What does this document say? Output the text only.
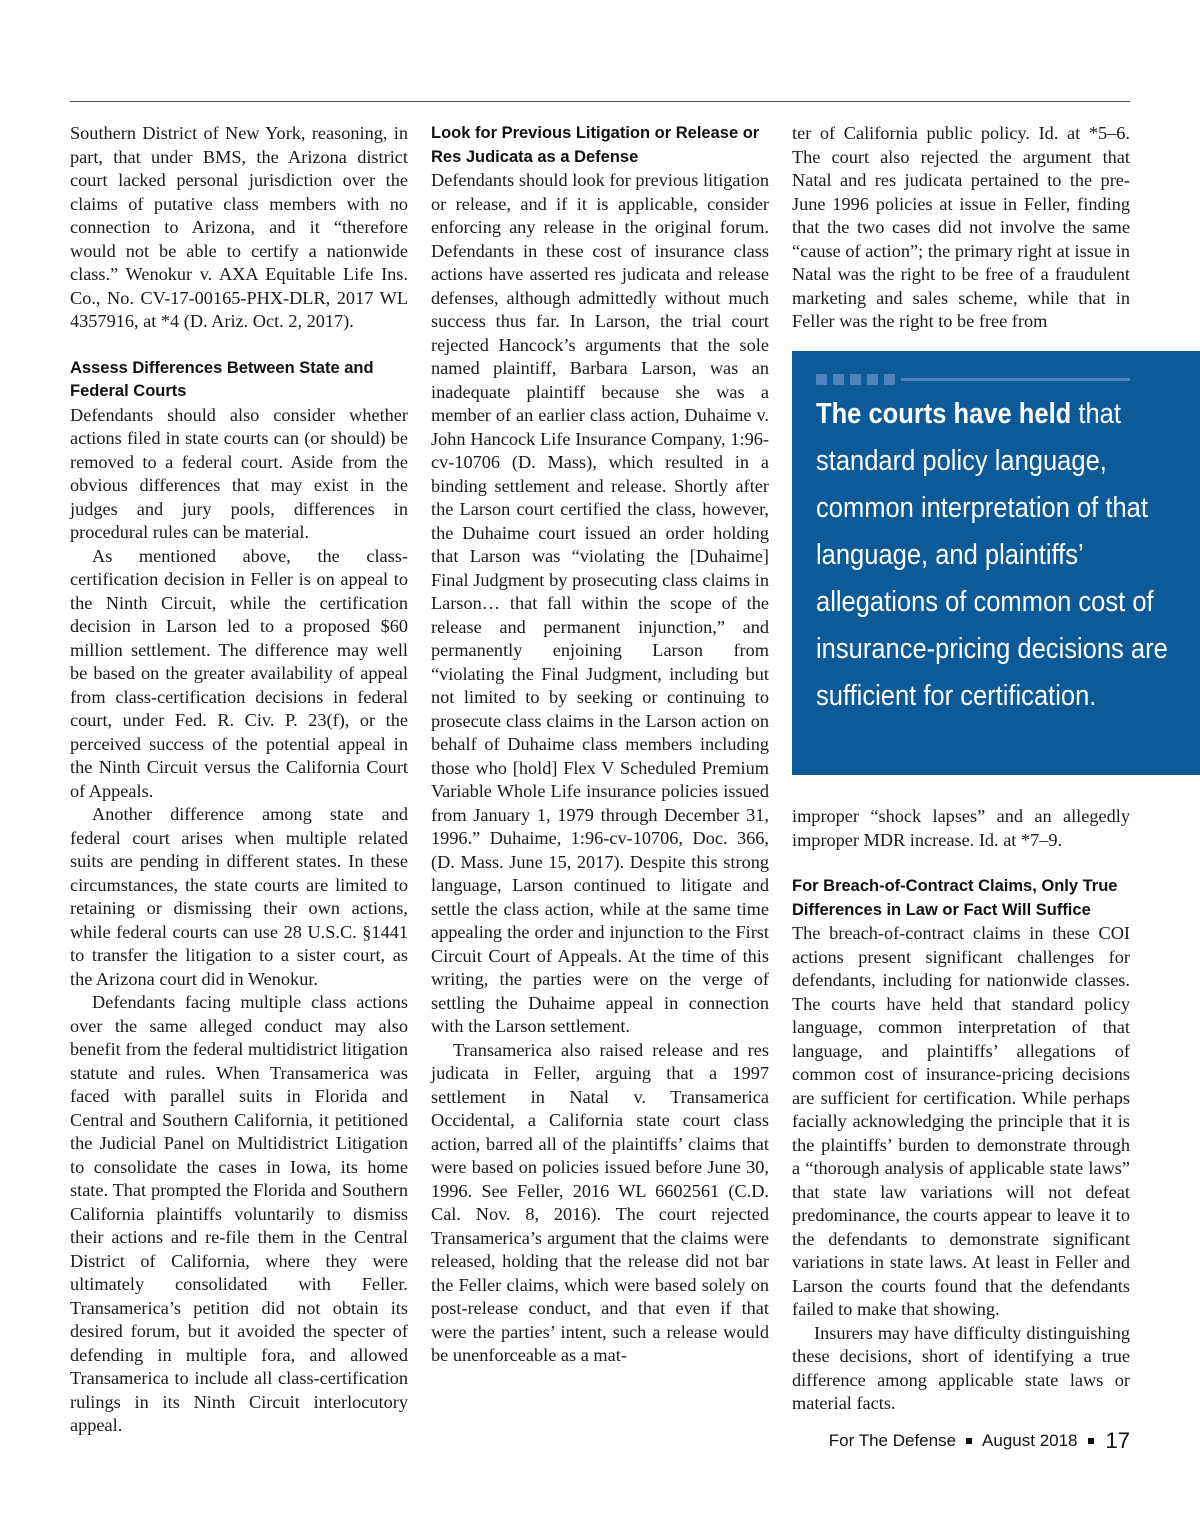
Southern District of New York, reasoning, in part, that under BMS, the Arizona district court lacked personal jurisdiction over the claims of putative class members with no connection to Arizona, and it “therefore would not be able to certify a nationwide class.” Wenokur v. AXA Equitable Life Ins. Co., No. CV-17-00165-PHX-DLR, 2017 WL 4357916, at *4 (D. Ariz. Oct. 2, 2017).

Assess Differences Between State and Federal Courts

Defendants should also consider whether actions filed in state courts can (or should) be removed to a federal court. Aside from the obvious differences that may exist in the judges and jury pools, differences in procedural rules can be material.

As mentioned above, the class-certification decision in Feller is on appeal to the Ninth Circuit, while the certification decision in Larson led to a proposed $60 million settlement. The difference may well be based on the greater availability of appeal from class-certification decisions in federal court, under Fed. R. Civ. P. 23(f), or the perceived success of the potential appeal in the Ninth Circuit versus the California Court of Appeals.

Another difference among state and federal court arises when multiple related suits are pending in different states. In these circumstances, the state courts are limited to retaining or dismissing their own actions, while federal courts can use 28 U.S.C. §1441 to transfer the litigation to a sister court, as the Arizona court did in Wenokur.

Defendants facing multiple class actions over the same alleged conduct may also benefit from the federal multidistrict litigation statute and rules. When Transamerica was faced with parallel suits in Florida and Central and Southern California, it petitioned the Judicial Panel on Multidistrict Litigation to consolidate the cases in Iowa, its home state. That prompted the Florida and Southern California plaintiffs voluntarily to dismiss their actions and re-file them in the Central District of California, where they were ultimately consolidated with Feller. Transamerica’s petition did not obtain its desired forum, but it avoided the specter of defending in multiple fora, and allowed Transamerica to include all class-certification rulings in its Ninth Circuit interlocutory appeal.

Look for Previous Litigation or Release or Res Judicata as a Defense

Defendants should look for previous litigation or release, and if it is applicable, consider enforcing any release in the original forum. Defendants in these cost of insurance class actions have asserted res judicata and release defenses, although admittedly without much success thus far. In Larson, the trial court rejected Hancock’s arguments that the sole named plaintiff, Barbara Larson, was an inadequate plaintiff because she was a member of an earlier class action, Duhaime v. John Hancock Life Insurance Company, 1:96-cv-10706 (D. Mass), which resulted in a binding settlement and release. Shortly after the Larson court certified the class, however, the Duhaime court issued an order holding that Larson was “violating the [Duhaime] Final Judgment by prosecuting class claims in Larson… that fall within the scope of the release and permanent injunction,” and permanently enjoining Larson from “violating the Final Judgment, including but not limited to by seeking or continuing to prosecute class claims in the Larson action on behalf of Duhaime class members including those who [hold] Flex V Scheduled Premium Variable Whole Life insurance policies issued from January 1, 1979 through December 31, 1996.” Duhaime, 1:96-cv-10706, Doc. 366, (D. Mass. June 15, 2017). Despite this strong language, Larson continued to litigate and settle the class action, while at the same time appealing the order and injunction to the First Circuit Court of Appeals. At the time of this writing, the parties were on the verge of settling the Duhaime appeal in connection with the Larson settlement.

Transamerica also raised release and res judicata in Feller, arguing that a 1997 settlement in Natal v. Transamerica Occidental, a California state court class action, barred all of the plaintiffs’ claims that were based on policies issued before June 30, 1996. See Feller, 2016 WL 6602561 (C.D. Cal. Nov. 8, 2016). The court rejected Transamerica’s argument that the claims were released, holding that the release did not bar the Feller claims, which were based solely on post-release conduct, and that even if that were the parties’ intent, such a release would be unenforceable as a mat-

ter of California public policy. Id. at *5–6. The court also rejected the argument that Natal and res judicata pertained to the pre-June 1996 policies at issue in Feller, finding that the two cases did not involve the same “cause of action”; the primary right at issue in Natal was the right to be free of a fraudulent marketing and sales scheme, while that in Feller was the right to be free from

The courts have held that standard policy language, common interpretation of that language, and plaintiffs’ allegations of common cost of insurance-pricing decisions are sufficient for certification.

improper “shock lapses” and an allegedly improper MDR increase. Id. at *7–9.

For Breach-of-Contract Claims, Only True Differences in Law or Fact Will Suffice

The breach-of-contract claims in these COI actions present significant challenges for defendants, including for nationwide classes. The courts have held that standard policy language, common interpretation of that language, and plaintiffs’ allegations of common cost of insurance-pricing decisions are sufficient for certification. While perhaps facially acknowledging the principle that it is the plaintiffs’ burden to demonstrate through a “thorough analysis of applicable state laws” that state law variations will not defeat predominance, the courts appear to leave it to the defendants to demonstrate significant variations in state laws. At least in Feller and Larson the courts found that the defendants failed to make that showing.

Insurers may have difficulty distinguishing these decisions, short of identifying a true difference among applicable state laws or material facts.

For The Defense August 2018 17
